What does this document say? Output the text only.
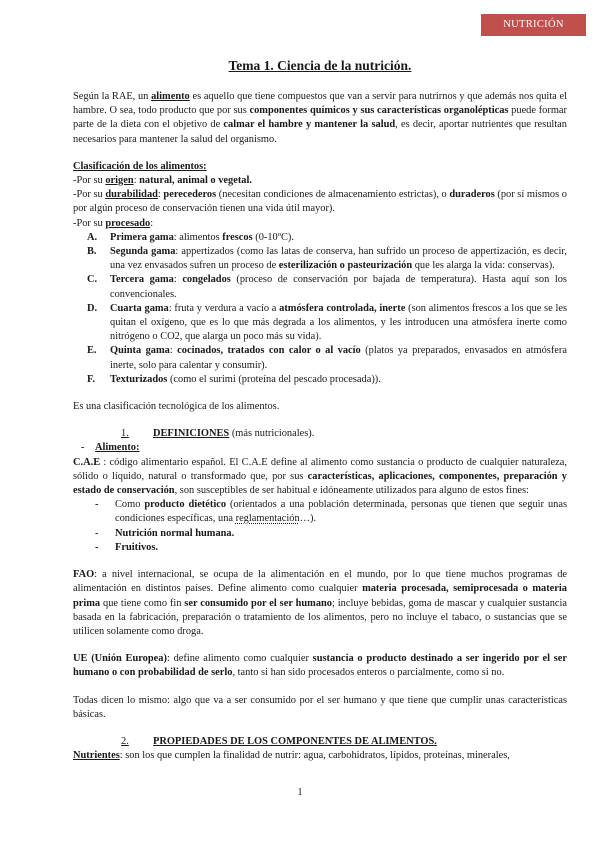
NUTRICIÓN
Tema 1. Ciencia de la nutrición.

Según la RAE, un alimento es aquello que tiene compuestos que van a servir para nutrirnos y que además nos quita el hambre. O sea, todo producto que por sus componentes químicos y sus características organolépticas puede formar parte de la dieta con el objetivo de calmar el hambre y mantener la salud, es decir, aportar nutrientes que resultan necesarios para mantener la salud del organismo.

Clasificación de los alimentos:

-Por su origen: natural, animal o vegetal.

-Por su durabilidad: perecederos (necesitan condiciones de almacenamiento estrictas), o duraderos (por sí mismos o por algún proceso de conservación tienen una vida útil mayor).

-Por su procesado:

A.	Primera gama: alimentos frescos (0-10ºC).
B.	Segunda gama: appertizados (como las latas de conserva, han sufrido un proceso de appertización, es decir, una vez envasados sufren un proceso de esterilización o pasteurización que les alarga la vida: conservas).
C.	Tercera gama: congelados (proceso de conservación por bajada de temperatura). Hasta aquí son los convencionales.
D.	Cuarta gama: fruta y verdura a vacío a atmósfera controlada, inerte (son alimentos frescos a los que se les quitan el oxígeno, que es lo que más degrada a los alimentos, y les introducen una atmósfera inerte como nitrógeno o CO2, que alarga un poco más su vida).
E.	Quinta gama: cocinados, tratados con calor o al vacío (platos ya preparados, envasados en atmósfera inerte, solo para calentar y consumir).
F.	Texturizados (como el surimi (proteína del pescado procesada)).

Es una clasificación tecnológica de los alimentos.

1.	DEFINICIONES (más nutricionales).
-	Alimento:

C.A.E : código alimentario español. El C.A.E define al alimento como sustancia o producto de cualquier naturaleza, sólido o líquido, natural o transformado que, por sus características, aplicaciones, componentes, preparación y estado de conservación, son susceptibles de ser habitual e idóneamente utilizados para alguno de estos fines:

-	Como producto dietético (orientados a una población determinada, personas que tienen que seguir unas condiciones específicas, una reglamentación…).
-	Nutrición normal humana.
-	Fruitivos.

FAO: a nivel internacional, se ocupa de la alimentación en el mundo, por lo que tiene muchos programas de alimentación en distintos países. Define alimento como cualquier materia procesada, semiprocesada o materia prima que tiene como fin ser consumido por el ser humano; incluye bebidas, goma de mascar y cualquier sustancia basada en la fabricación, preparación o tratamiento de los alimentos, pero no incluye el tabaco, o sustancias que se utilicen solamente como droga.

UE (Unión Europea): define alimento como cualquier sustancia o producto destinado a ser ingerido por el ser humano o con probabilidad de serlo, tanto si han sido procesados enteros o parcialmente, como si no.

Todas dicen lo mismo: algo que va a ser consumido por el ser humano y que tiene que cumplir unas características básicas.

2.	PROPIEDADES DE LOS COMPONENTES DE ALIMENTOS.

Nutrientes: son los que cumplen la finalidad de nutrir: agua, carbohidratos, lípidos, proteínas, minerales,

1
